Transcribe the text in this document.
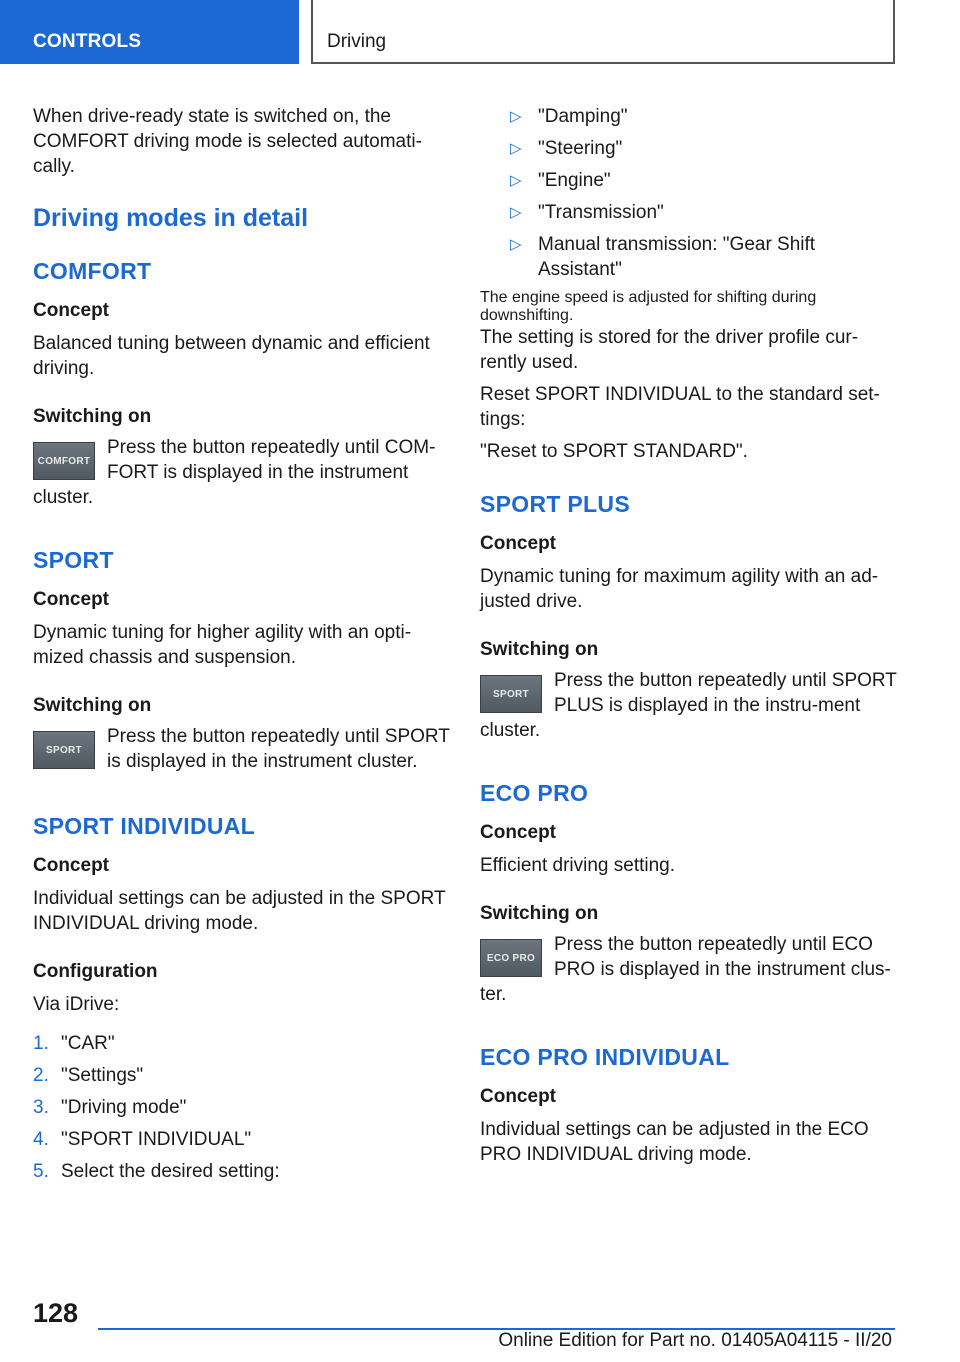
CONTROLS	Driving

When drive-ready state is switched on, the COMFORT driving mode is selected automati-cally.

Driving modes in detail
COMFORT
Concept

Balanced tuning between dynamic and efficient driving.

Switching on
COMFORT

Press the button repeatedly until COM-FORT is displayed in the instrument cluster.

SPORT
Concept

Dynamic tuning for higher agility with an opti-mized chassis and suspension.

Switching on
SPORT

Press the button repeatedly until SPORT is displayed in the instrument cluster.

SPORT INDIVIDUAL
Concept

Individual settings can be adjusted in the SPORT INDIVIDUAL driving mode.

Configuration

Via iDrive:

1. "CAR"
2. "Settings"
3. "Driving mode"
4. "SPORT INDIVIDUAL"
5. Select the desired setting:
▷ "Damping"
▷ "Steering"
▷ "Engine"
▷ "Transmission"
▷ Manual transmission: "Gear Shift Assistant"

The engine speed is adjusted for shifting during downshifting.

The setting is stored for the driver profile cur-rently used.

Reset SPORT INDIVIDUAL to the standard set-tings:

"Reset to SPORT STANDARD".

SPORT PLUS
Concept

Dynamic tuning for maximum agility with an ad-justed drive.

Switching on
SPORT

Press the button repeatedly until SPORT PLUS is displayed in the instru-ment cluster.

ECO PRO
Concept

Efficient driving setting.

Switching on
ECO PRO

Press the button repeatedly until ECO PRO is displayed in the instrument clus-ter.

ECO PRO INDIVIDUAL
Concept

Individual settings can be adjusted in the ECO PRO INDIVIDUAL driving mode.

128
Online Edition for Part no. 01405A04115 - II/20
